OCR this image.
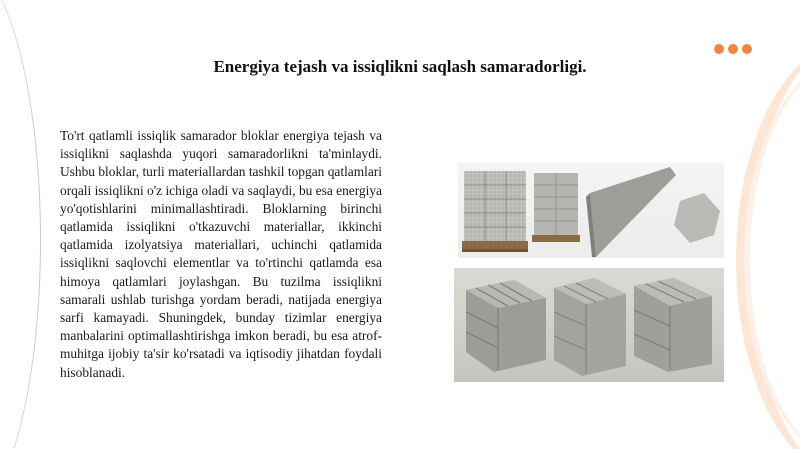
Energiya tejash va issiqlikni saqlash samaradorligi.

To'rt qatlamli issiqlik samarador bloklar energiya tejash va issiqlikni saqlashda yuqori samaradorlikni ta'minlaydi. Ushbu bloklar, turli materiallardan tashkil topgan qatlamlari orqali issiqlikni o'z ichiga oladi va saqlaydi, bu esa energiya yo'qotishlarini minimallashtiradi. Bloklarning birinchi qatlamida issiqlikni o'tkazuvchi materiallar, ikkinchi qatlamida izolyatsiya materiallari, uchinchi qatlamida issiqlikni saqlovchi elementlar va to'rtinchi qatlamda esa himoya qatlamlari joylashgan. Bu tuzilma issiqlikni samarali ushlab turishga yordam beradi, natijada energiya sarfi kamayadi. Shuningdek, bunday tizimlar energiya manbalarini optimallashtirishga imkon beradi, bu esa atrof-muhitga ijobiy ta'sir ko'rsatadi va iqtisodiy jihatdan foydali hisoblanadi.
